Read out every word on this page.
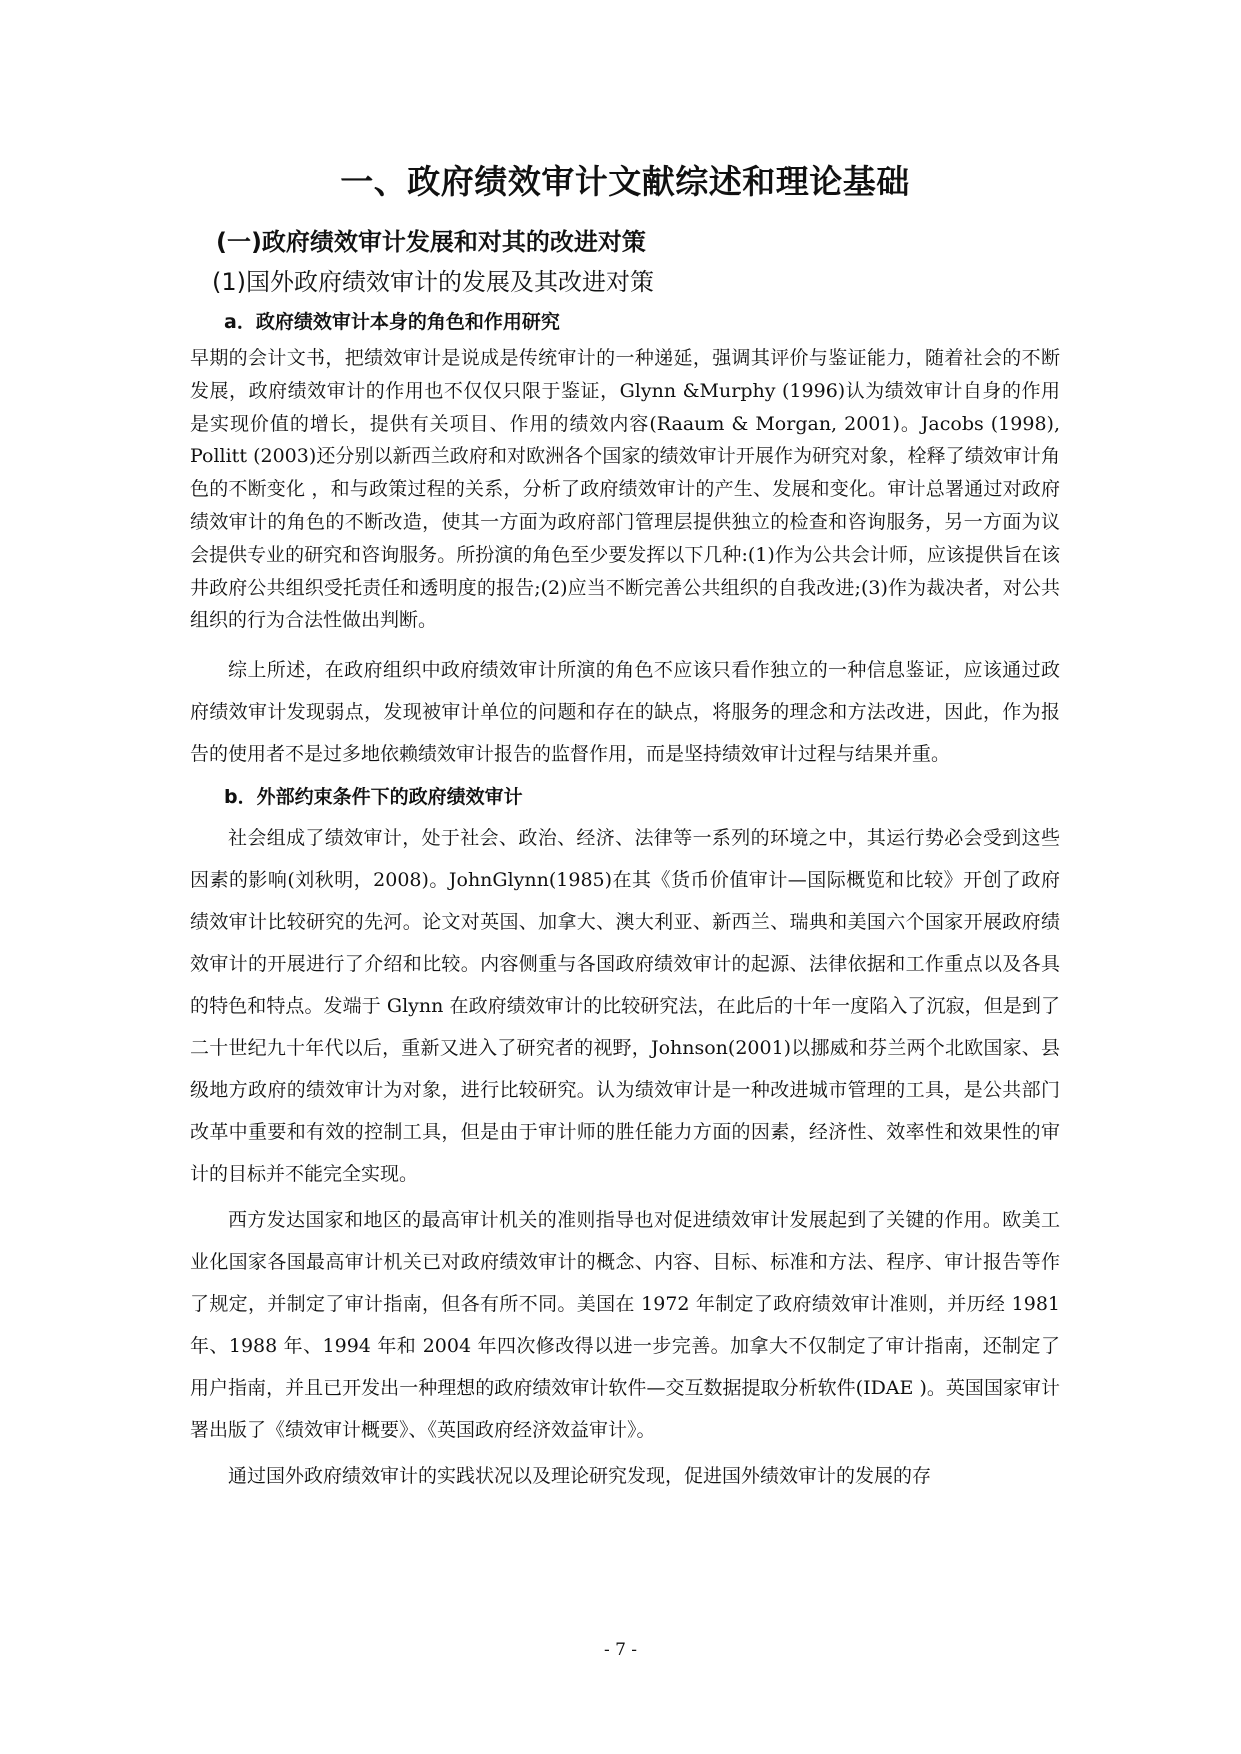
一、政府绩效审计文献综述和理论基础
(一)政府绩效审计发展和对其的改进对策
(1)国外政府绩效审计的发展及其改进对策
a．政府绩效审计本身的角色和作用研究

早期的会计文书，把绩效审计是说成是传统审计的一种递延，强调其评价与鉴证能力，随着社会的不断发展，政府绩效审计的作用也不仅仅只限于鉴证，Glynn &Murphy (1996)认为绩效审计自身的作用是实现价值的增长，提供有关项目、作用的绩效内容(Raaum & Morgan, 2001)。Jacobs (1998), Pollitt (2003)还分别以新西兰政府和对欧洲各个国家的绩效审计开展作为研究对象，栓释了绩效审计角色的不断变化 ，和与政策过程的关系，分析了政府绩效审计的产生、发展和变化。审计总署通过对政府绩效审计的角色的不断改造，使其一方面为政府部门管理层提供独立的检查和咨询服务，另一方面为议会提供专业的研究和咨询服务。所扮演的角色至少要发挥以下几种:(1)作为公共会计师，应该提供旨在该井政府公共组织受托责任和透明度的报告;(2)应当不断完善公共组织的自我改进;(3)作为裁决者，对公共组织的行为合法性做出判断。

综上所述，在政府组织中政府绩效审计所演的角色不应该只看作独立的一种信息鉴证，应该通过政府绩效审计发现弱点，发现被审计单位的问题和存在的缺点，将服务的理念和方法改进，因此，作为报告的使用者不是过多地依赖绩效审计报告的监督作用，而是坚持绩效审计过程与结果并重。

b．外部约束条件下的政府绩效审计

社会组成了绩效审计，处于社会、政治、经济、法律等一系列的环境之中，其运行势必会受到这些因素的影响(刘秋明，2008)。JohnGlynn(1985)在其《货币价值审计—国际概览和比较》开创了政府绩效审计比较研究的先河。论文对英国、加拿大、澳大利亚、新西兰、瑞典和美国六个国家开展政府绩效审计的开展进行了介绍和比较。内容侧重与各国政府绩效审计的起源、法律依据和工作重点以及各具的特色和特点。发端于 Glynn 在政府绩效审计的比较研究法，在此后的十年一度陷入了沉寂，但是到了二十世纪九十年代以后，重新又进入了研究者的视野，Johnson(2001)以挪威和芬兰两个北欧国家、县级地方政府的绩效审计为对象，进行比较研究。认为绩效审计是一种改进城市管理的工具，是公共部门改革中重要和有效的控制工具，但是由于审计师的胜任能力方面的因素，经济性、效率性和效果性的审计的目标并不能完全实现。

西方发达国家和地区的最高审计机关的准则指导也对促进绩效审计发展起到了关键的作用。欧美工业化国家各国最高审计机关已对政府绩效审计的概念、内容、目标、标准和方法、程序、审计报告等作了规定，并制定了审计指南，但各有所不同。美国在 1972 年制定了政府绩效审计准则，并历经 1981 年、1988 年、1994 年和 2004 年四次修改得以进一步完善。加拿大不仅制定了审计指南，还制定了用户指南，并且已开发出一种理想的政府绩效审计软件—交互数据提取分析软件(IDAE )。英国国家审计署出版了《绩效审计概要》、《英国政府经济效益审计》。

通过国外政府绩效审计的实践状况以及理论研究发现，促进国外绩效审计的发展的存

- 7 -
